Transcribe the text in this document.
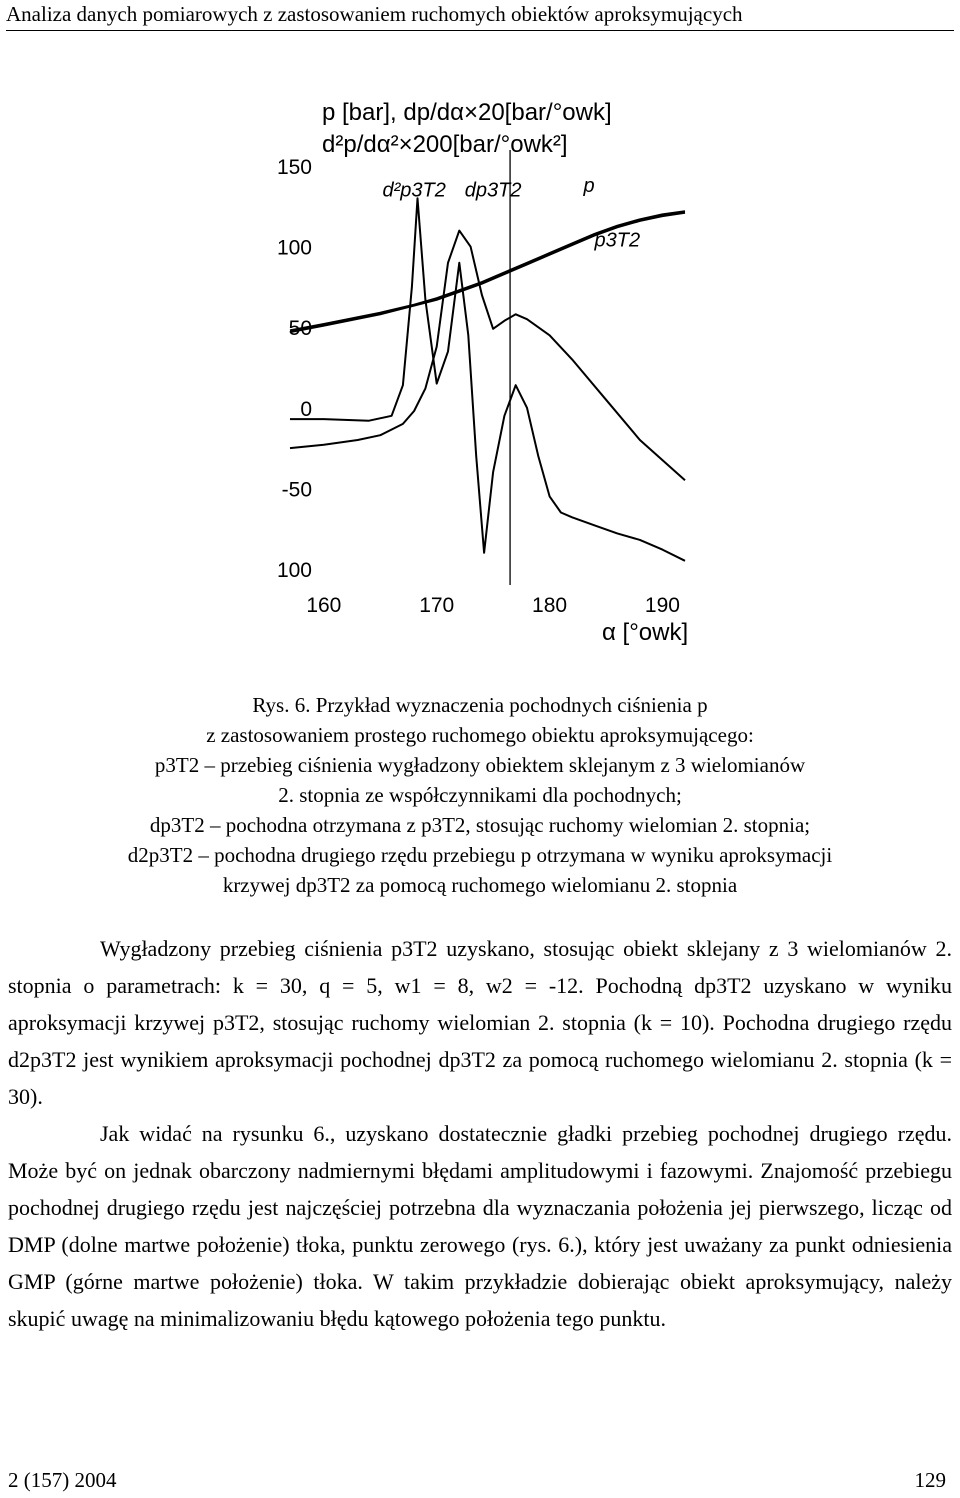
Analiza danych pomiarowych z zastosowaniem ruchomych obiektów aproksymujących
150
100
50
0
-50
100
160	170	180	190
p [bar], dp/dα×20[bar/°owk]
d²p/dα²×200[bar/°owk²]
α [°owk]
d²p3T2 dp3T2	p
p3T2
Rys. 6. Przykład wyznaczenia pochodnych ciśnienia p
z zastosowaniem prostego ruchomego obiektu aproksymującego:
p3T2 – przebieg ciśnienia wygładzony obiektem sklejanym z 3 wielomianów
2. stopnia ze współczynnikami dla pochodnych;
dp3T2 – pochodna otrzymana z p3T2, stosując ruchomy wielomian 2. stopnia;
d2p3T2 – pochodna drugiego rzędu przebiegu p otrzymana w wyniku aproksymacji
krzywej dp3T2 za pomocą ruchomego wielomianu 2. stopnia

Wygładzony przebieg ciśnienia p3T2 uzyskano, stosując obiekt sklejany z 3 wielomianów 2. stopnia o parametrach: k = 30, q = 5, w1 = 8, w2 = -12. Pochodną dp3T2 uzyskano w wyniku aproksymacji krzywej p3T2, stosując ruchomy wielomian 2. stopnia (k = 10). Pochodna drugiego rzędu d2p3T2 jest wynikiem aproksymacji pochodnej dp3T2 za pomocą ruchomego wielomianu 2. stopnia (k = 30).

Jak widać na rysunku 6., uzyskano dostatecznie gładki przebieg pochodnej drugiego rzędu. Może być on jednak obarczony nadmiernymi błędami amplitudowymi i fazowymi. Znajomość przebiegu pochodnej drugiego rzędu jest najczęściej potrzebna dla wyznaczania położenia jej pierwszego, licząc od DMP (dolne martwe położenie) tłoka, punktu zerowego (rys. 6.), który jest uważany za punkt odniesienia GMP (górne martwe położenie) tłoka. W takim przykładzie dobierając obiekt aproksymujący, należy skupić uwagę na minimalizowaniu błędu kątowego położenia tego punktu.

2 (157) 2004	129
